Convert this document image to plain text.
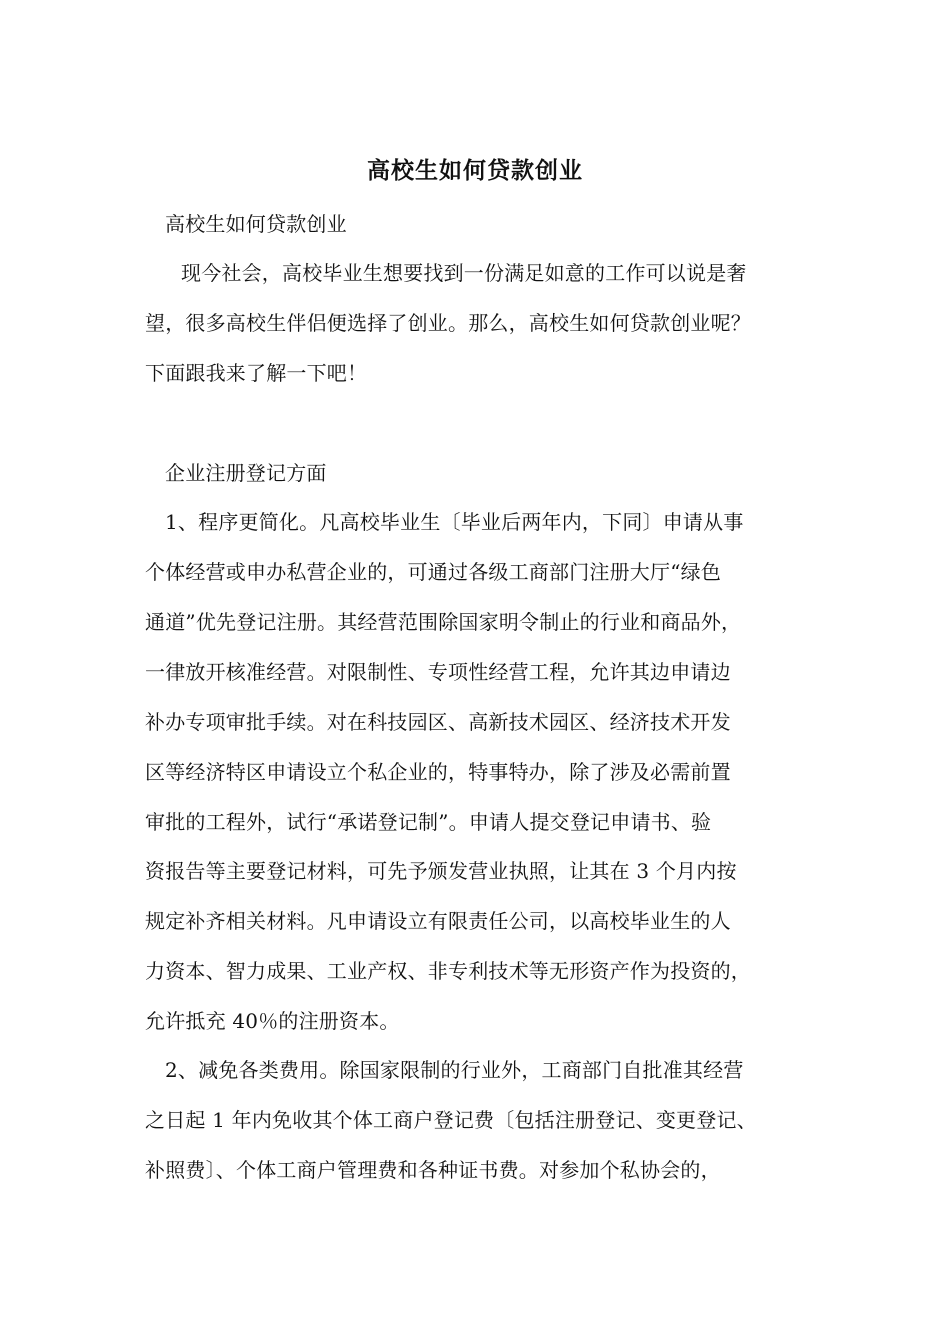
高校生如何贷款创业
高校生如何贷款创业
现今社会，高校毕业生想要找到一份满足如意的工作可以说是奢
望，很多高校生伴侣便选择了创业。那么，高校生如何贷款创业呢？
下面跟我来了解一下吧！
企业注册登记方面
1、程序更简化。凡高校毕业生〔毕业后两年内，下同〕申请从事
个体经营或申办私营企业的，可通过各级工商部门注册大厅“绿色
通道”优先登记注册。其经营范围除国家明令制止的行业和商品外，
一律放开核准经营。对限制性、专项性经营工程，允许其边申请边
补办专项审批手续。对在科技园区、高新技术园区、经济技术开发
区等经济特区申请设立个私企业的，特事特办，除了涉及必需前置
审批的工程外，试行“承诺登记制”。申请人提交登记申请书、验
资报告等主要登记材料，可先予颁发营业执照，让其在 3 个月内按
规定补齐相关材料。凡申请设立有限责任公司，以高校毕业生的人
力资本、智力成果、工业产权、非专利技术等无形资产作为投资的，
允许抵充 40％的注册资本。
2、减免各类费用。除国家限制的行业外，工商部门自批准其经营
之日起 1 年内免收其个体工商户登记费〔包括注册登记、变更登记、
补照费〕、个体工商户管理费和各种证书费。对参加个私协会的，
